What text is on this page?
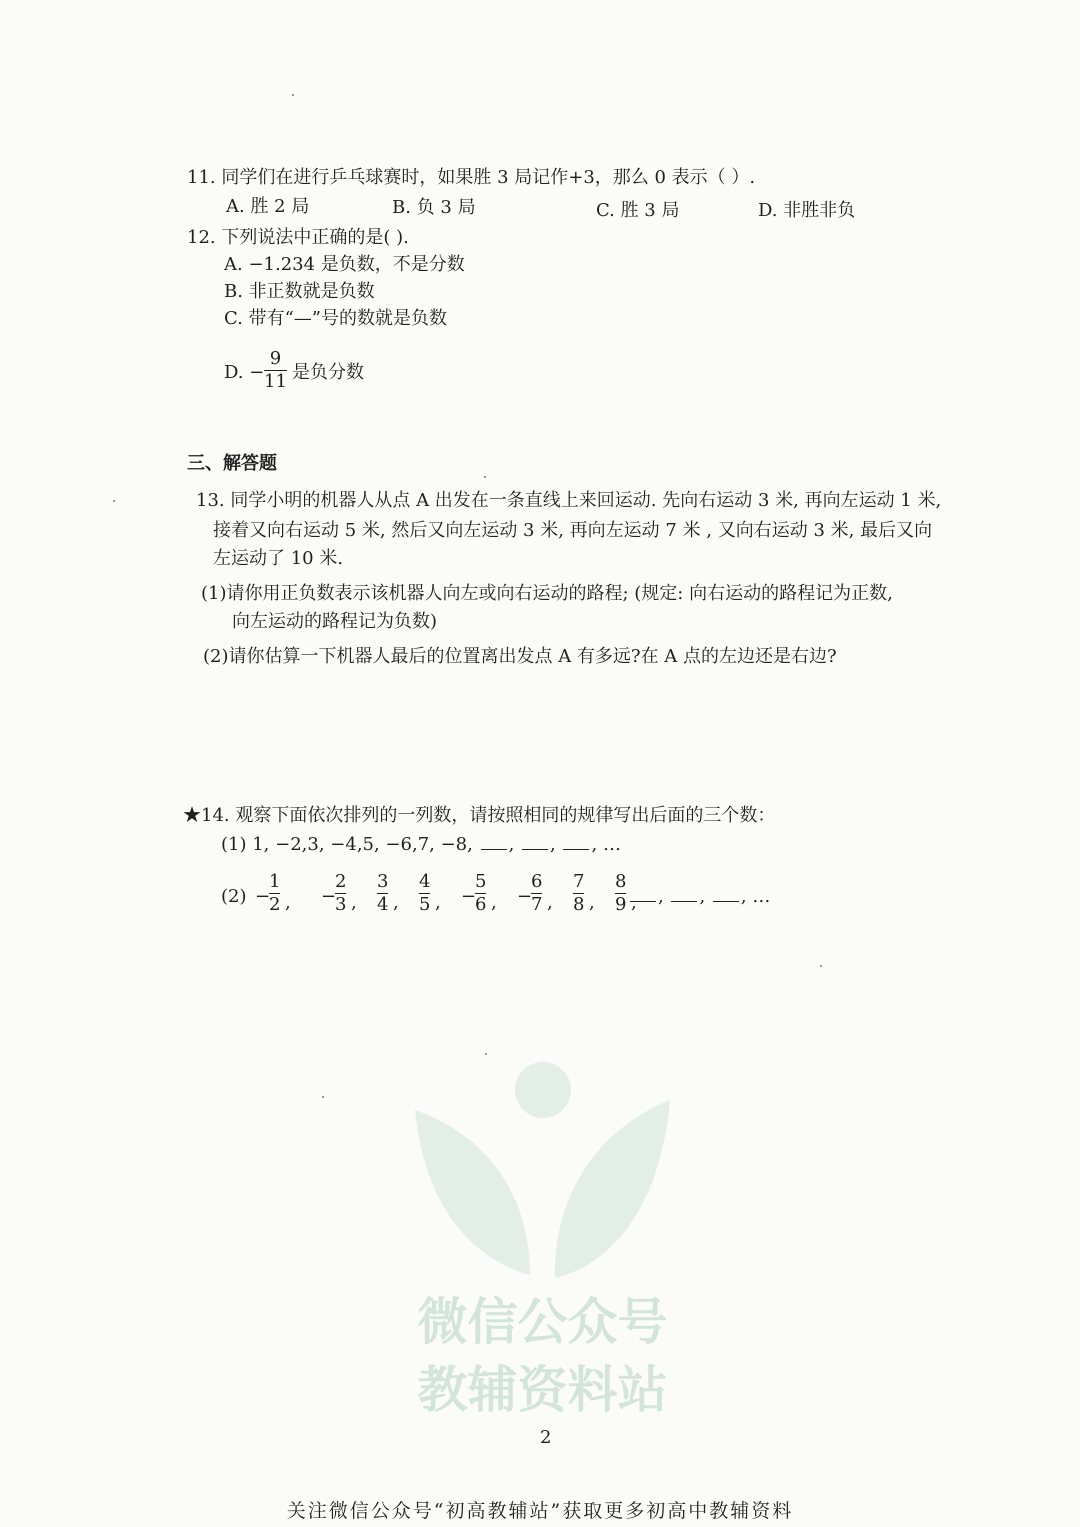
11. 同学们在进行乒乓球赛时，如果胜 3 局记作+3，那么 0 表示（ ）.
A. 胜 2 局	B. 负 3 局	C. 胜 3 局	D. 非胜非负
12. 下列说法中正确的是( ).
A. −1.234 是负数，不是分数
B. 非正数就是负数
C. 带有“—”号的数就是负数
D. −
9
11 是负分数
三、解答题
13. 同学小明的机器人从点 A 出发在一条直线上来回运动. 先向右运动 3 米, 再向左运动 1 米,
接着又向右运动 5 米, 然后又向左运动 3 米, 再向左运动 7 米 , 又向右运动 3 米, 最后又向
左运动了 10 米.
(1)请你用正负数表示该机器人向左或向右运动的路程; (规定: 向右运动的路程记为正数,
向左运动的路程记为负数)
(2)请你估算一下机器人最后的位置离出发点 A 有多远?在 A 点的左边还是右边?
★14. 观察下面依次排列的一列数，请按照相同的规律写出后面的三个数：
(1) 1, −2,3, −4,5, −6,7, −8, , , , …
(2) −
1
2 , −
2
3 ,
3
4 ,
4
5 , −
5
6 , −
6
7 ,
7
8 ,
8
9 ,	, , , …
微信公众号
教辅资料站
2
关注微信公众号“初高教辅站”获取更多初高中教辅资料
